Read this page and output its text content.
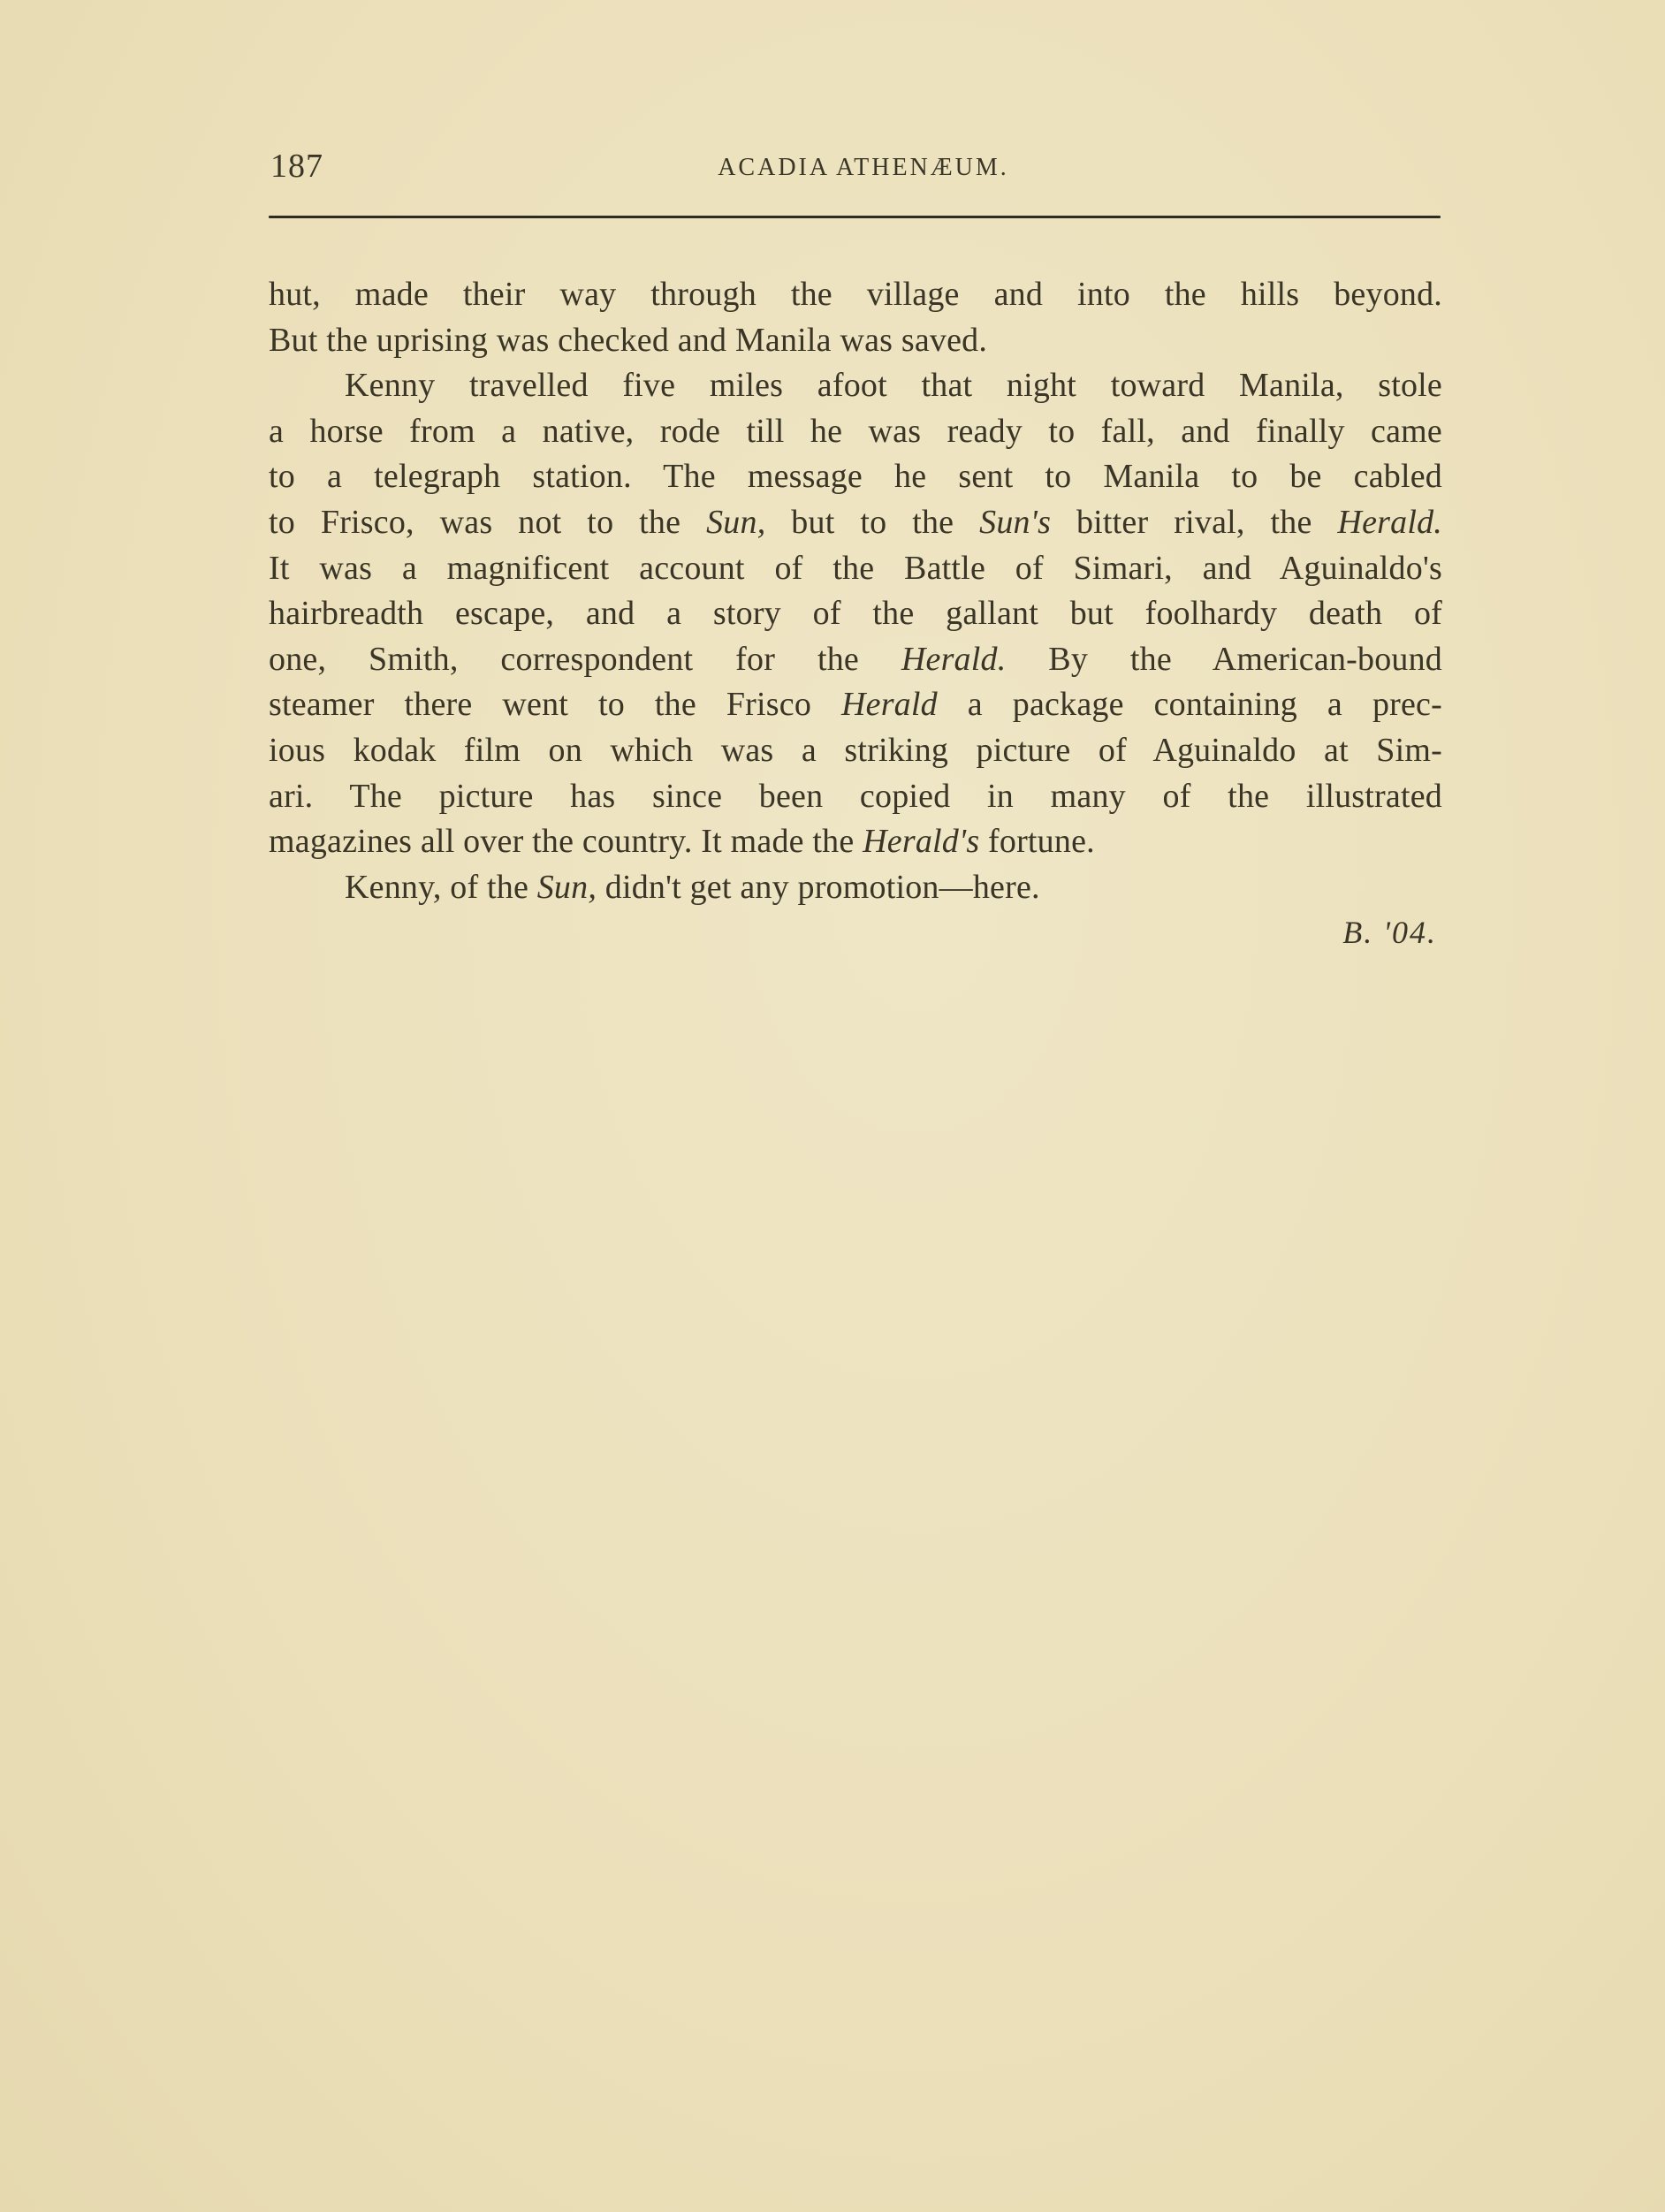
187	ACADIA ATHENÆUM.
hut, made their way through the village and into the hills beyond.
But the uprising was checked and Manila was saved.
Kenny travelled five miles afoot that night toward Manila, stole
a horse from a native, rode till he was ready to fall, and finally came
to a telegraph station. The message he sent to Manila to be cabled
to Frisco, was not to the Sun, but to the Sun's bitter rival, the Herald.
It was a magnificent account of the Battle of Simari, and Aguinaldo's
hairbreadth escape, and a story of the gallant but foolhardy death of
one, Smith, correspondent for the Herald. By the American-bound
steamer there went to the Frisco Herald a package containing a prec-
ious kodak film on which was a striking picture of Aguinaldo at Sim-
ari. The picture has since been copied in many of the illustrated
magazines all over the country. It made the Herald's fortune.
Kenny, of the Sun, didn't get any promotion—here.
B. '04.
